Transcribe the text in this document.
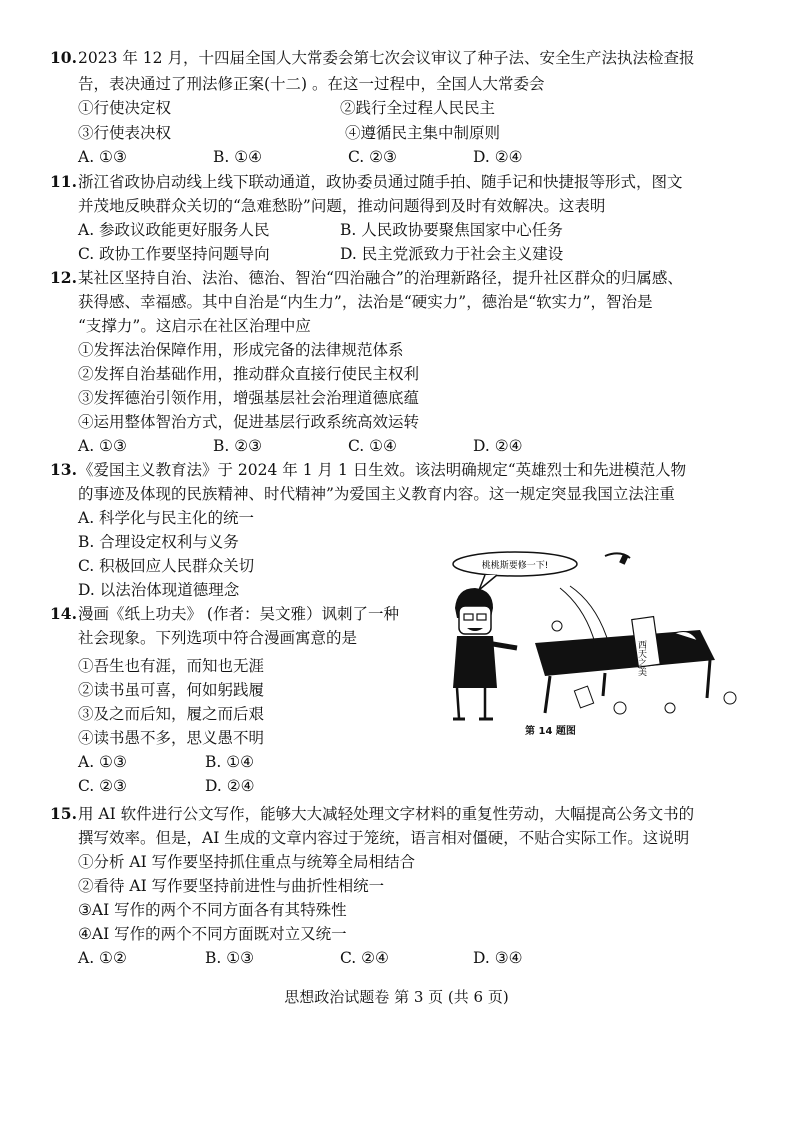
10. 2023 年 12 月，十四届全国人大常委会第七次会议审议了种子法、安全生产法执法检查报
告，表决通过了刑法修正案(十二) 。在这一过程中，全国人大常委会
①行使决定权	②践行全过程人民民主
③行使表决权	④遵循民主集中制原则
A. ①③	B. ①④	C. ②③	D. ②④
11. 浙江省政协启动线上线下联动通道，政协委员通过随手拍、随手记和快捷报等形式，图文
并茂地反映群众关切的“急难愁盼”问题，推动问题得到及时有效解决。这表明
A. 参政议政能更好服务人民	B. 人民政协要聚焦国家中心任务
C. 政协工作要坚持问题导向	D. 民主党派致力于社会主义建设
12. 某社区坚持自治、法治、德治、智治“四治融合”的治理新路径，提升社区群众的归属感、
获得感、幸福感。其中自治是“内生力”，法治是“硬实力”，德治是“软实力”，智治是
“支撑力”。这启示在社区治理中应
①发挥法治保障作用，形成完备的法律规范体系
②发挥自治基础作用，推动群众直接行使民主权利
③发挥德治引领作用，增强基层社会治理道德底蕴
④运用整体智治方式，促进基层行政系统高效运转
A. ①③	B. ②③	C. ①④	D. ②④
13. 《爱国主义教育法》于 2024 年 1 月 1 日生效。该法明确规定“英雄烈士和先进模范人物
的事迹及体现的民族精神、时代精神”为爱国主义教育内容。这一规定突显我国立法注重
A. 科学化与民主化的统一
B. 合理设定权利与义务
C. 积极回应人民群众关切
D. 以法治体现道德理念
14. 漫画《纸上功夫》 (作者：吴文雅）讽刺了一种
社会现象。下列选项中符合漫画寓意的是
①吾生也有涯，而知也无涯
②读书虽可喜，何如躬践履
③及之而后知，履之而后艰
④读书愚不多，思义愚不明
A. ①③	B. ①④
C. ②③	D. ②④
桃桃斯要修一下!
西天之美
第 14 题图
15. 用 AI 软件进行公文写作，能够大大减轻处理文字材料的重复性劳动，大幅提高公务文书的
撰写效率。但是，AI 生成的文章内容过于笼统，语言相对僵硬，不贴合实际工作。这说明
①分析 AI 写作要坚持抓住重点与统筹全局相结合
②看待 AI 写作要坚持前进性与曲折性相统一
③AI 写作的两个不同方面各有其特殊性
④AI 写作的两个不同方面既对立又统一
A. ①②	B. ①③	C. ②④	D. ③④
思想政治试题卷 第 3 页 (共 6 页)
